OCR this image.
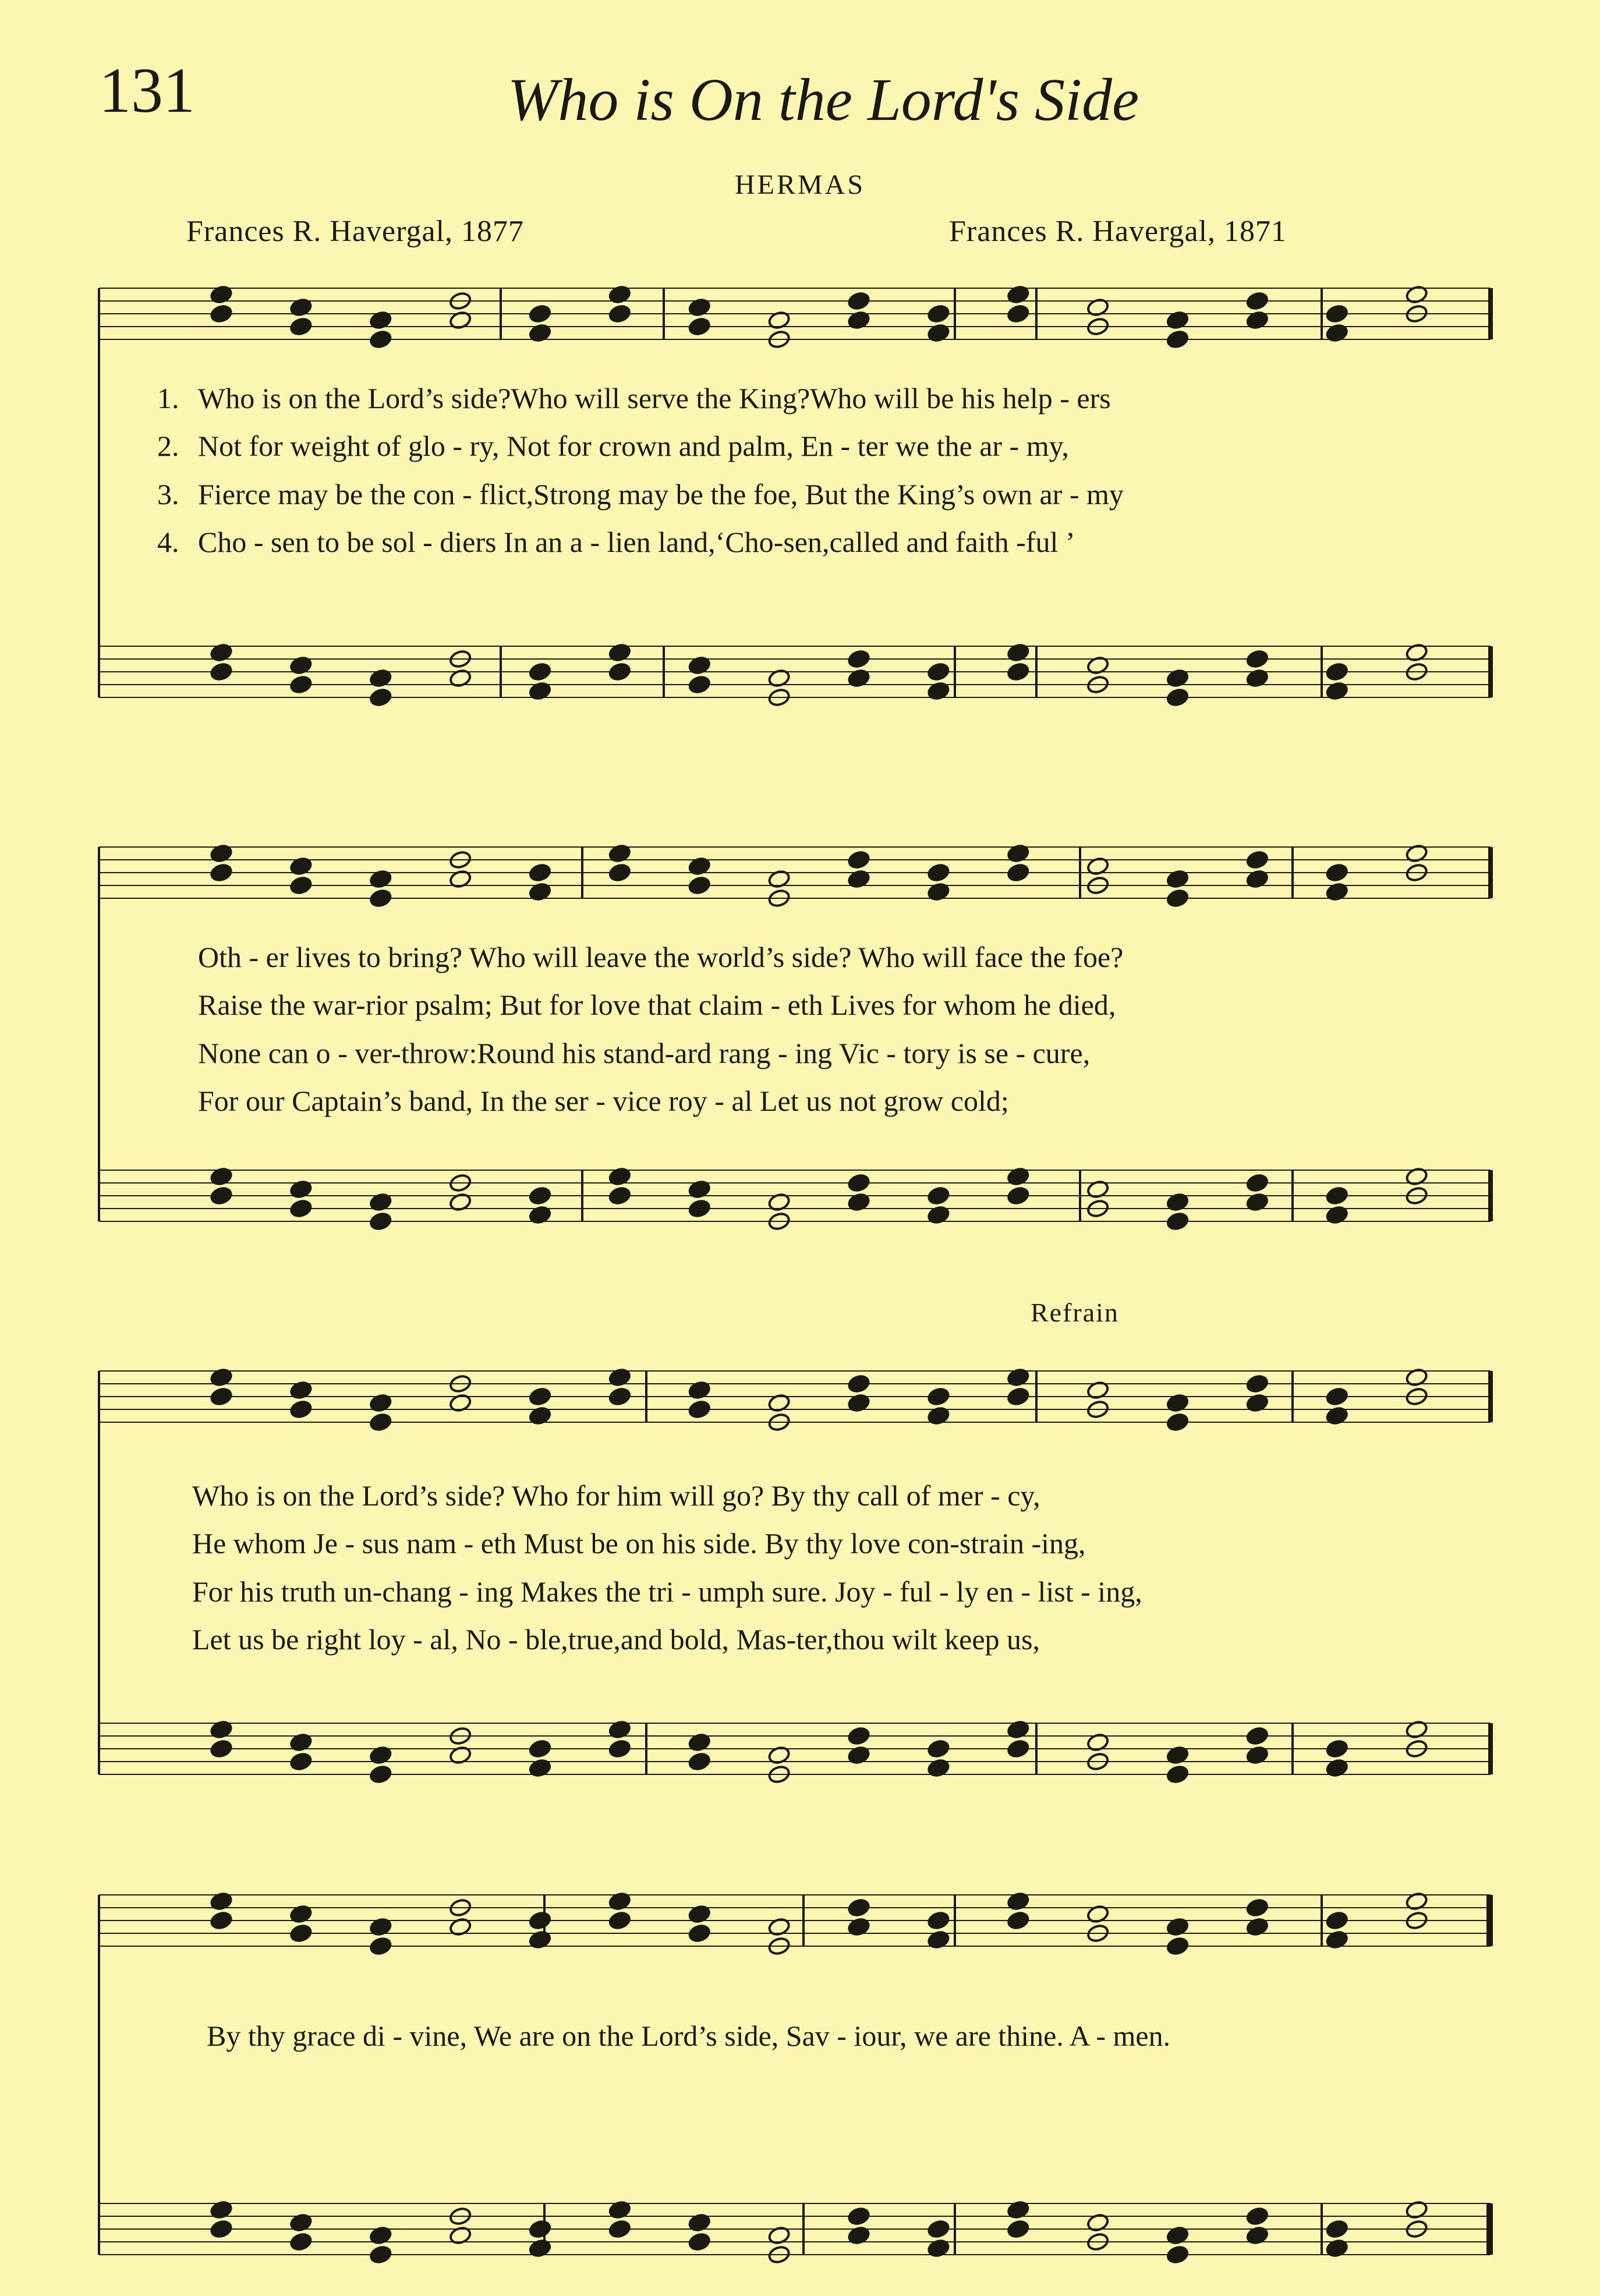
131	Who is On the Lord's Side
HERMAS
Frances R. Havergal, 1877	Frances R. Havergal, 1871
Refrain
1. Who is on the Lord’s side?Who will serve the King?Who will be his help - ers
2. Not for weight of glo - ry, Not for crown and palm, En - ter we the ar - my,
3. Fierce may be the con - flict,Strong may be the foe, But the King’s own ar - my
4. Cho - sen to be sol - diers In an a - lien land,‘Cho-sen,called and faith -ful ’
Oth - er lives to bring? Who will leave the world’s side? Who will face the foe?
Raise the war-rior psalm; But for love that claim - eth Lives for whom he died,
None can o - ver-throw:Round his stand-ard rang - ing Vic - tory is se - cure,
For our Captain’s band, In the ser - vice roy - al Let us not grow cold;
Who is on the Lord’s side? Who for him will go? By thy call of mer - cy,
He whom Je - sus nam - eth Must be on his side. By thy love con-strain -ing,
For his truth un-chang - ing Makes the tri - umph sure. Joy - ful - ly en - list - ing,
Let us be right loy - al, No - ble,true,and bold, Mas-ter,thou wilt keep us,
By thy grace di - vine, We are on the Lord’s side, Sav - iour, we are thine. A - men.
